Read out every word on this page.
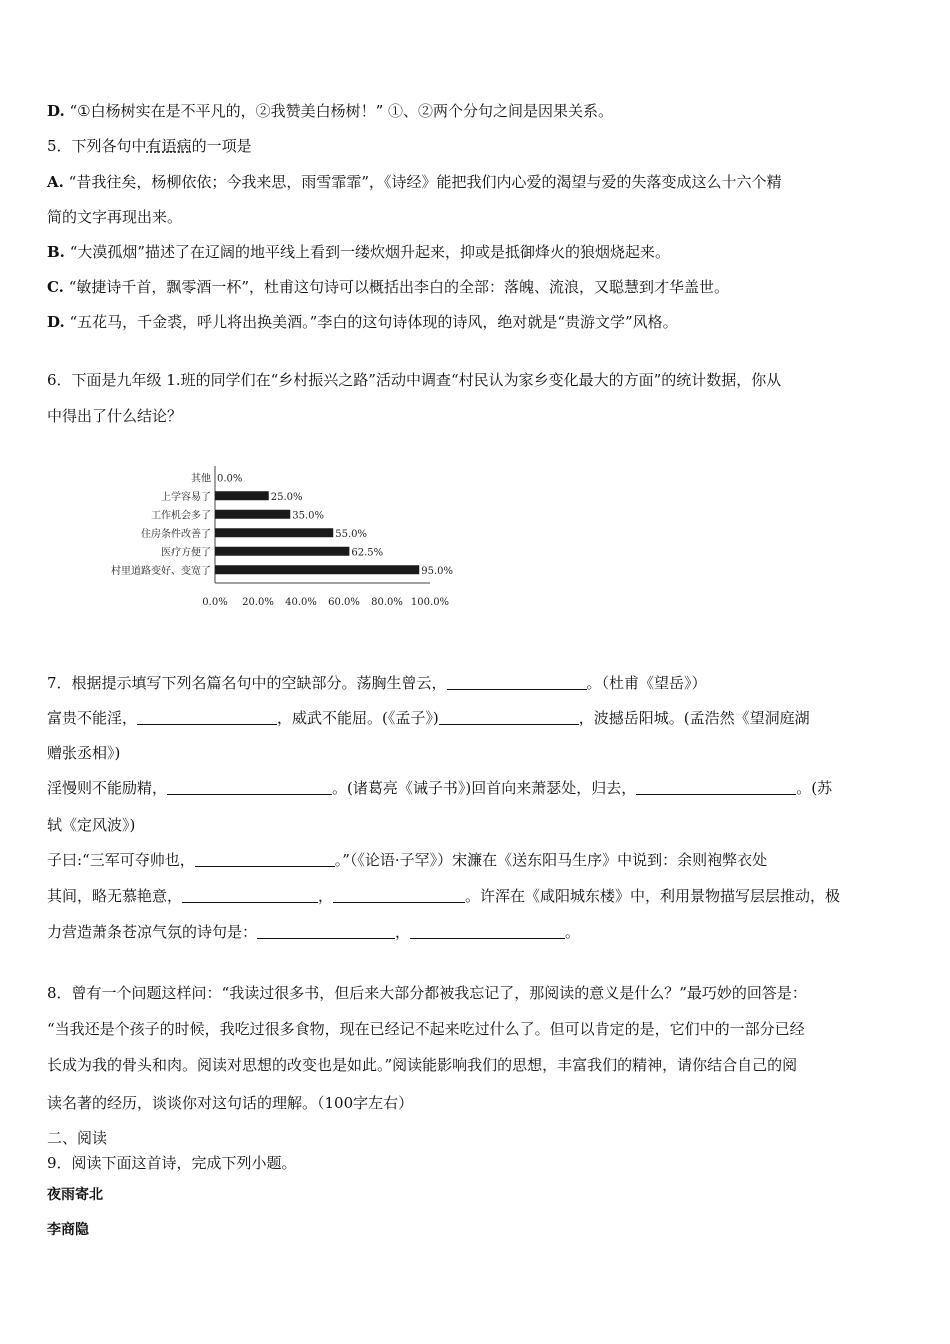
D. “①白杨树实在是不平凡的，②我赞美白杨树！” ①、②两个分句之间是因果关系。
5．下列各句中有语病的一项是
A. “昔我往矣，杨柳依依；今我来思，雨雪霏霏”，《诗经》能把我们内心爱的渴望与爱的失落变成这么十六个精
简的文字再现出来。
B. “大漠孤烟”描述了在辽阔的地平线上看到一缕炊烟升起来，抑或是抵御烽火的狼烟烧起来。
C. “敏捷诗千首，飘零酒一杯”，杜甫这句诗可以概括出李白的全部：落魄、流浪，又聪慧到才华盖世。
D. “五花马，千金裘，呼儿将出换美酒。”李白的这句诗体现的诗风，绝对就是“贵游文学”风格。
6．下面是九年级 1.班的同学们在“乡村振兴之路”活动中调查“村民认为家乡变化最大的方面”的统计数据，你从
中得出了什么结论？
其他 0.0%
上学容易了	25.0%
工作机会多了	35.0%
住房条件改善了	55.0%
医疗方便了	62.5%
村里道路变好、变宽了	95.0%
0.0% 20.0% 40.0% 60.0% 80.0% 100.0%
7．根据提示填写下列名篇名句中的空缺部分。荡胸生曾云，	。（杜甫《望岳》）
富贵不能淫，	，威武不能屈。(《孟子》)	，波撼岳阳城。(孟浩然《望洞庭湖
赠张丞相》)
淫慢则不能励精，	。(诸葛亮《诫子书》)回首向来萧瑟处，归去，	。(苏
轼《定风波》)
子曰:“三军可夺帅也，	。”（《论语·子罕》）宋濂在《送东阳马生序》中说到：余则袍弊衣处
其间，略无慕艳意，	，	。许浑在《咸阳城东楼》中，利用景物描写层层推动，极
力营造萧条苍凉气氛的诗句是：	，	。
8．曾有一个问题这样问：“我读过很多书，但后来大部分都被我忘记了，那阅读的意义是什么？”最巧妙的回答是：
“当我还是个孩子的时候，我吃过很多食物，现在已经记不起来吃过什么了。但可以肯定的是，它们中的一部分已经
长成为我的骨头和肉。阅读对思想的改变也是如此。”阅读能影响我们的思想，丰富我们的精神，请你结合自己的阅
读名著的经历，谈谈你对这句话的理解。（100字左右）
二、阅读
9．阅读下面这首诗，完成下列小题。
夜雨寄北
李商隐
